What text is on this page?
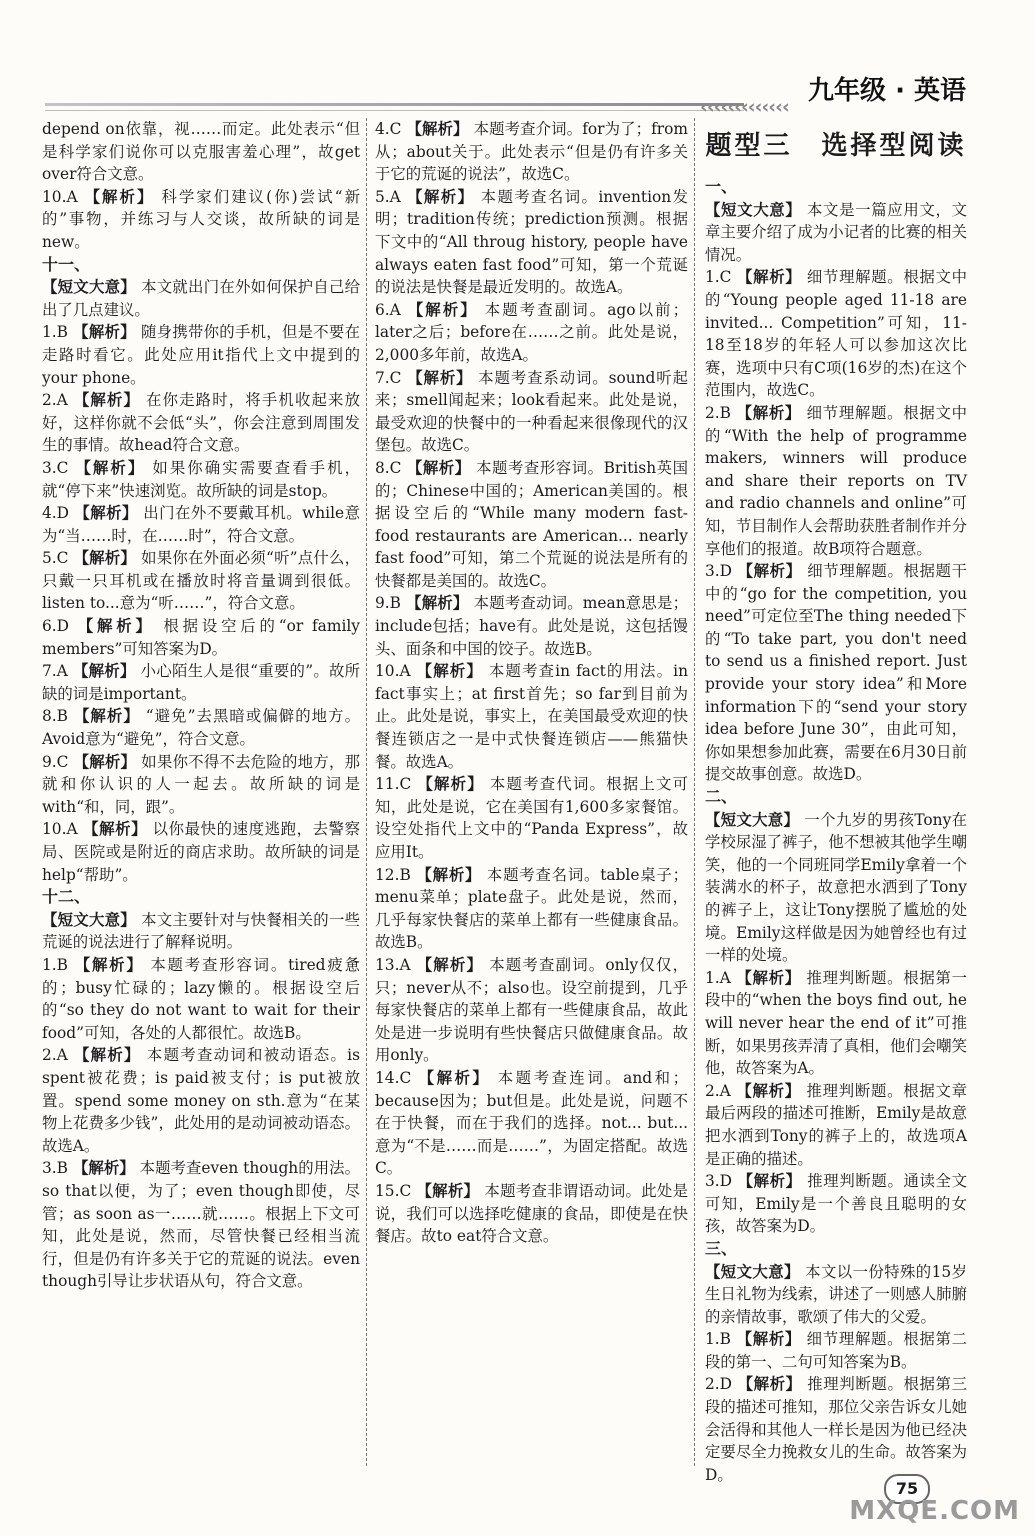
‹‹‹‹‹‹‹‹‹‹‹‹‹
九年级 · 英语

depend on依靠，视……而定。此处表示“但是科学家们说你可以克服害羞心理”，故get over符合文意。

10.A 【解析】 科学家们建议(你)尝试“新的”事物，并练习与人交谈，故所缺的词是new。

十一、

【短文大意】 本文就出门在外如何保护自己给出了几点建议。

1.B 【解析】 随身携带你的手机，但是不要在走路时看它。此处应用it指代上文中提到的your phone。

2.A 【解析】 在你走路时，将手机收起来放好，这样你就不会低“头”，你会注意到周围发生的事情。故head符合文意。

3.C 【解析】 如果你确实需要查看手机，就“停下来”快速浏览。故所缺的词是stop。

4.D 【解析】 出门在外不要戴耳机。while意为“当……时，在……时”，符合文意。

5.C 【解析】 如果你在外面必须“听”点什么，只戴一只耳机或在播放时将音量调到很低。listen to...意为“听……”，符合文意。

6.D 【解析】 根据设空后的“or family members”可知答案为D。

7.A 【解析】 小心陌生人是很“重要的”。故所缺的词是important。

8.B 【解析】 “避免”去黑暗或偏僻的地方。Avoid意为“避免”，符合文意。

9.C 【解析】 如果你不得不去危险的地方，那就和你认识的人一起去。故所缺的词是with“和，同，跟”。

10.A 【解析】 以你最快的速度逃跑，去警察局、医院或是附近的商店求助。故所缺的词是help“帮助”。

十二、

【短文大意】 本文主要针对与快餐相关的一些荒诞的说法进行了解释说明。

1.B 【解析】 本题考查形容词。tired疲惫的；busy忙碌的；lazy懒的。根据设空后的“so they do not want to wait for their food”可知，各处的人都很忙。故选B。

2.A 【解析】 本题考查动词和被动语态。is spent被花费；is paid被支付；is put被放置。spend some money on sth.意为“在某物上花费多少钱”，此处用的是动词被动语态。故选A。

3.B 【解析】 本题考查even though的用法。so that以便，为了；even though即使，尽管；as soon as一……就……。根据上下文可知，此处是说，然而，尽管快餐已经相当流行，但是仍有许多关于它的荒诞的说法。even though引导让步状语从句，符合文意。

4.C 【解析】 本题考查介词。for为了；from从；about关于。此处表示“但是仍有许多关于它的荒诞的说法”，故选C。

5.A 【解析】 本题考查名词。invention发明；tradition传统；prediction预测。根据下文中的“All throug history, people have always eaten fast food”可知，第一个荒诞的说法是快餐是最近发明的。故选A。

6.A 【解析】 本题考查副词。ago以前；later之后；before在……之前。此处是说，2,000多年前，故选A。

7.C 【解析】 本题考查系动词。sound听起来；smell闻起来；look看起来。此处是说，最受欢迎的快餐中的一种看起来很像现代的汉堡包。故选C。

8.C 【解析】 本题考查形容词。British英国的；Chinese中国的；American美国的。根据设空后的“While many modern fast-food restaurants are American... nearly fast food”可知，第二个荒诞的说法是所有的快餐都是美国的。故选C。

9.B 【解析】 本题考查动词。mean意思是；include包括；have有。此处是说，这包括馒头、面条和中国的饺子。故选B。

10.A 【解析】 本题考查in fact的用法。in fact事实上；at first首先；so far到目前为止。此处是说，事实上，在美国最受欢迎的快餐连锁店之一是中式快餐连锁店——熊猫快餐。故选A。

11.C 【解析】 本题考查代词。根据上文可知，此处是说，它在美国有1,600多家餐馆。设空处指代上文中的“Panda Express”，故应用It。

12.B 【解析】 本题考查名词。table桌子；menu菜单；plate盘子。此处是说，然而，几乎每家快餐店的菜单上都有一些健康食品。故选B。

13.A 【解析】 本题考查副词。only仅仅，只；never从不；also也。设空前提到，几乎每家快餐店的菜单上都有一些健康食品，故此处是进一步说明有些快餐店只做健康食品。故用only。

14.C 【解析】 本题考查连词。and和；because因为；but但是。此处是说，问题不在于快餐，而在于我们的选择。not... but...意为“不是……而是……”，为固定搭配。故选C。

15.C 【解析】 本题考查非谓语动词。此处是说，我们可以选择吃健康的食品，即使是在快餐店。故to eat符合文意。

题型三　选择型阅读

一、

【短文大意】 本文是一篇应用文，文章主要介绍了成为小记者的比赛的相关情况。

1.C 【解析】 细节理解题。根据文中的“Young people aged 11-18 are invited... Competition”可知，11-18至18岁的年轻人可以参加这次比赛，选项中只有C项(16岁的杰)在这个范围内，故选C。

2.B 【解析】 细节理解题。根据文中的“With the help of programme makers, winners will produce and share their reports on TV and radio channels and online”可知，节目制作人会帮助获胜者制作并分享他们的报道。故B项符合题意。

3.D 【解析】 细节理解题。根据题干中的“go for the competition, you need”可定位至The thing needed下的“To take part, you don't need to send us a finished report. Just provide your story idea”和More information下的“send your story idea before June 30”，由此可知，你如果想参加此赛，需要在6月30日前提交故事创意。故选D。

二、

【短文大意】 一个九岁的男孩Tony在学校尿湿了裤子，他不想被其他学生嘲笑，他的一个同班同学Emily拿着一个装满水的杯子，故意把水洒到了Tony的裤子上，这让Tony摆脱了尴尬的处境。Emily这样做是因为她曾经也有过一样的处境。

1.A 【解析】 推理判断题。根据第一段中的“when the boys find out, he will never hear the end of it”可推断，如果男孩弄清了真相，他们会嘲笑他，故答案为A。

2.A 【解析】 推理判断题。根据文章最后两段的描述可推断，Emily是故意把水洒到Tony的裤子上的，故选项A是正确的描述。

3.D 【解析】 推理判断题。通读全文可知，Emily是一个善良且聪明的女孩，故答案为D。

三、

【短文大意】 本文以一份特殊的15岁生日礼物为线索，讲述了一则感人肺腑的亲情故事，歌颂了伟大的父爱。

1.B 【解析】 细节理解题。根据第二段的第一、二句可知答案为B。

2.D 【解析】 推理判断题。根据第三段的描述可推知，那位父亲告诉女儿她会活得和其他人一样长是因为他已经决定要尽全力挽救女儿的生命。故答案为D。

75
MXQE.COM
